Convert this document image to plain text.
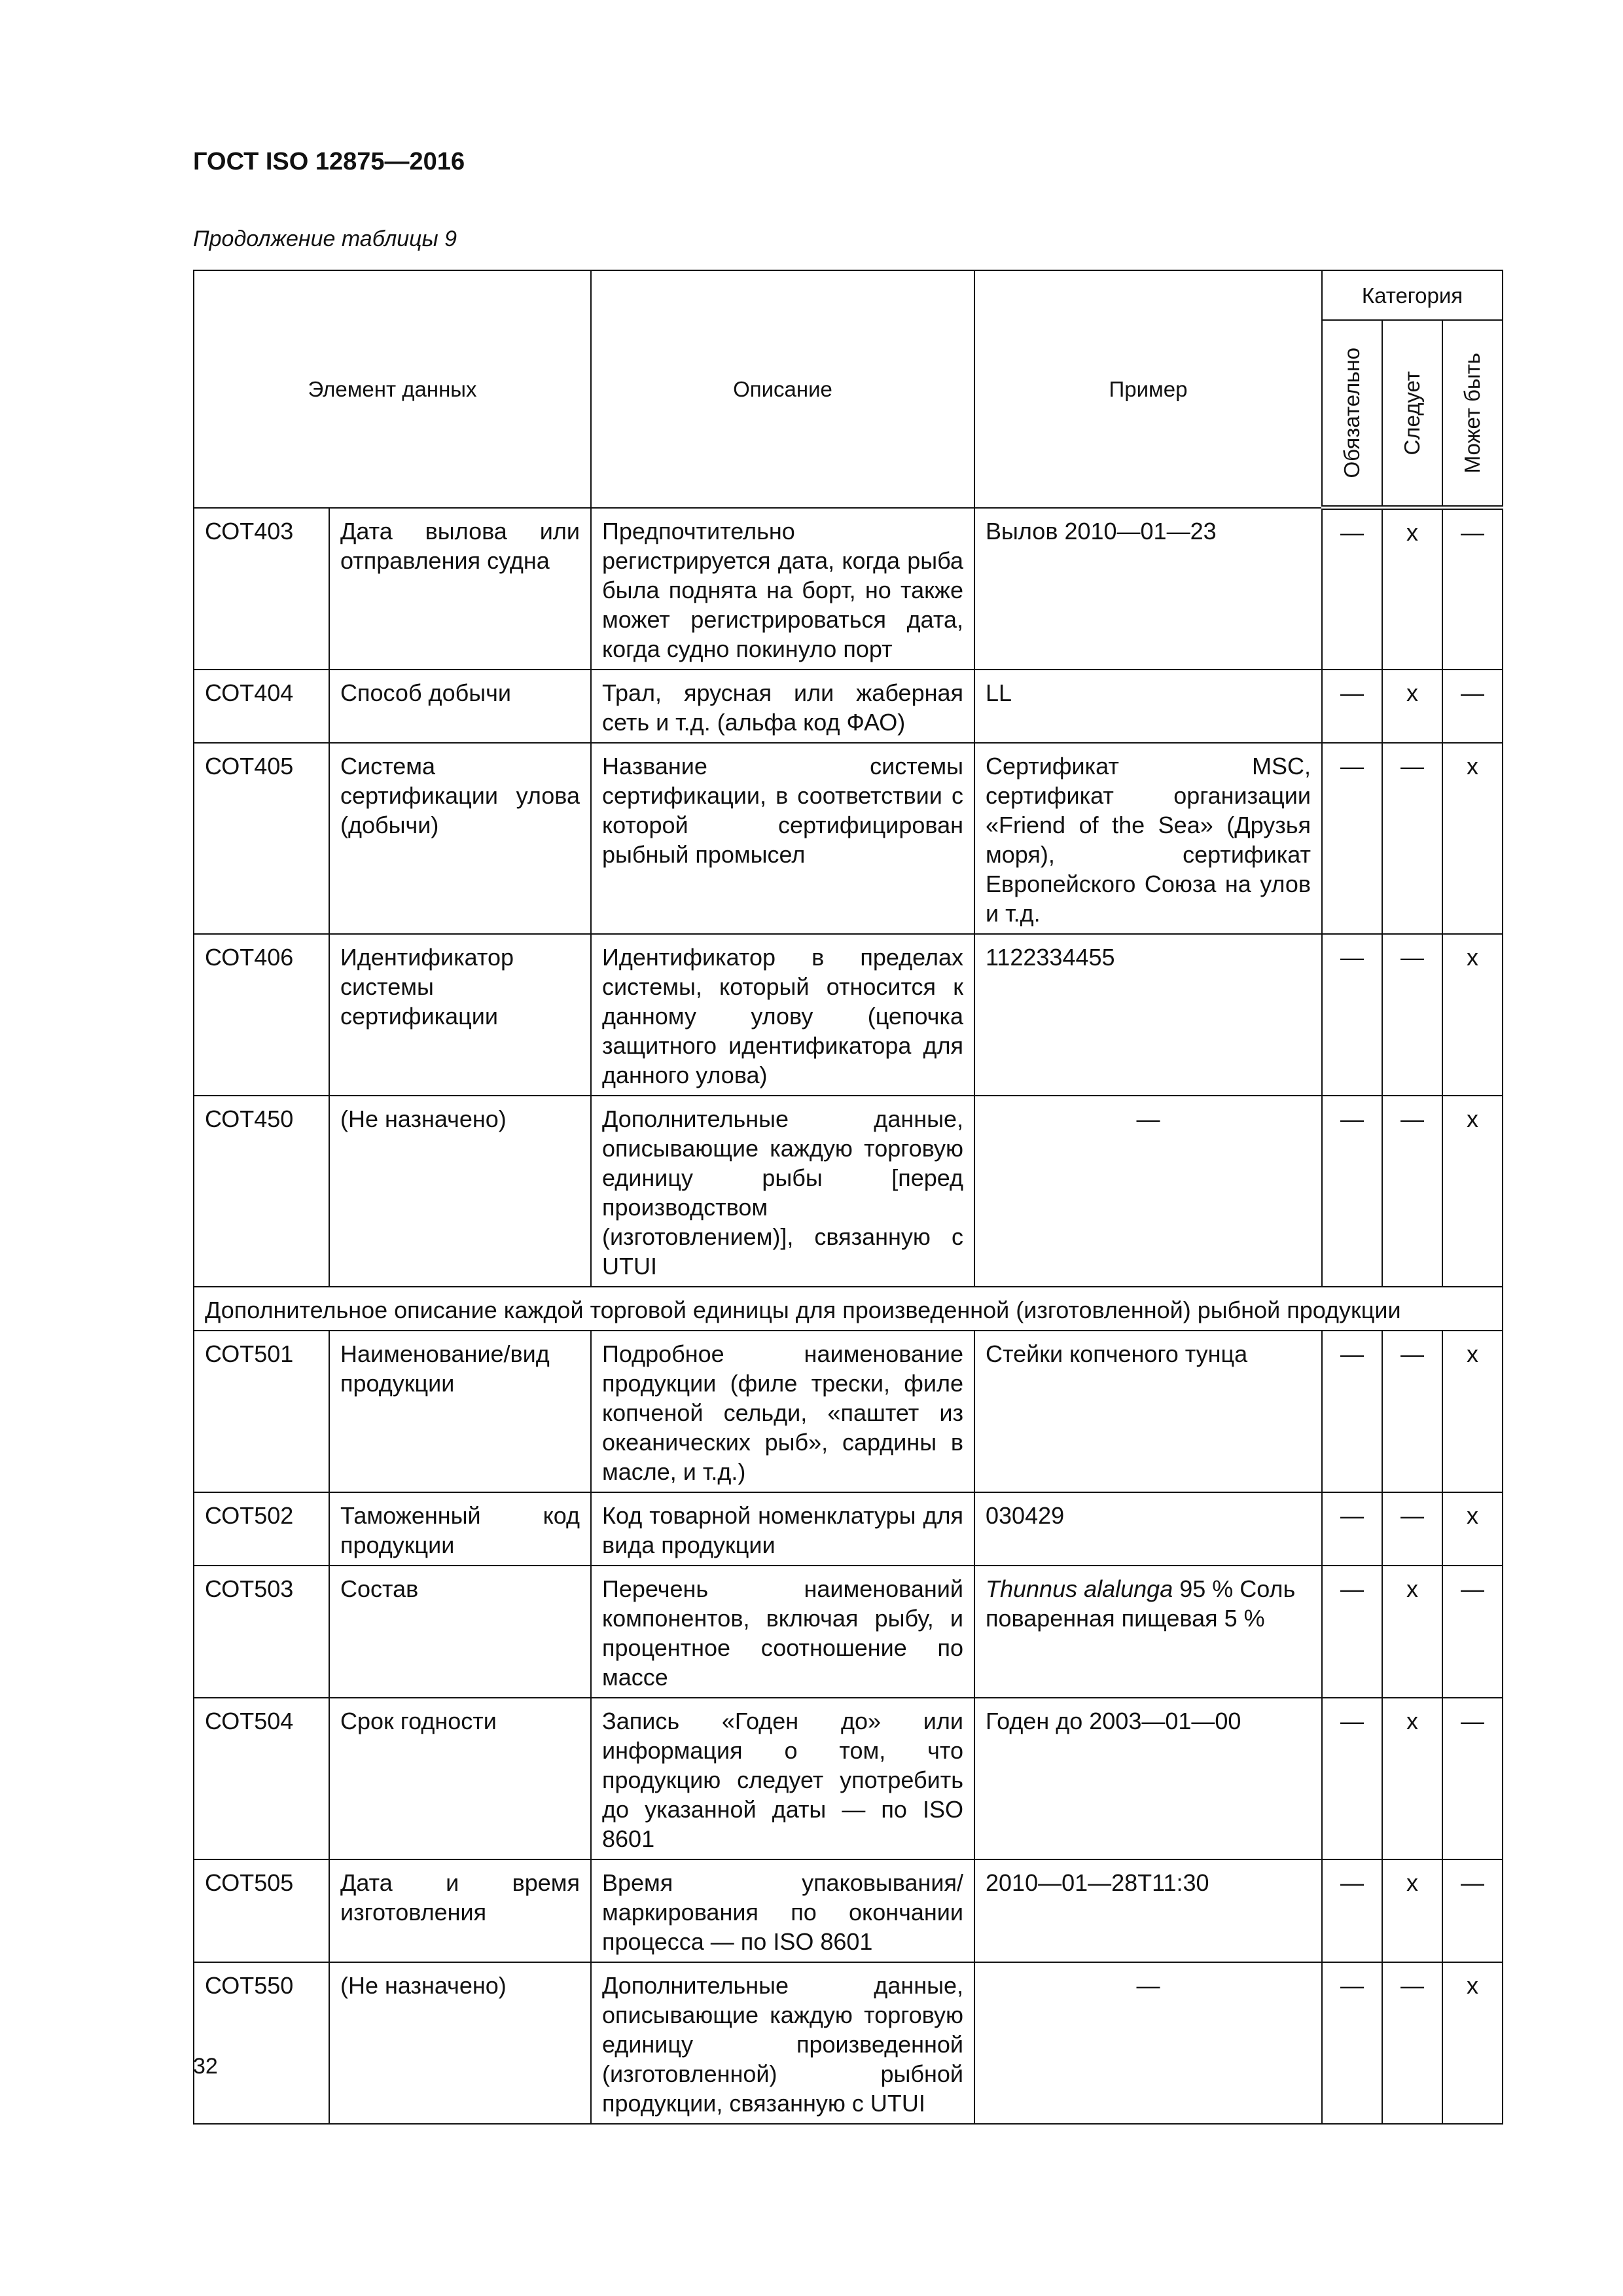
ГОСТ ISO 12875—2016
Продолжение таблицы 9
Элемент данных		Описание	Пример	Категория		

				Обязательно	Следует	Может быть

СОТ403	Дата вылова или отправления судна	Предпочтительно регистрируется дата, когда рыба была поднята на борт, но также может регистрироваться дата, когда судно покинуло порт	Вылов 2010—01—23	—	x	—
СОТ404	Способ добычи	Трал, ярусная или жаберная сеть и т.д. (альфа код ФАО)	LL	—	x	—
СОТ405	Система сертификации улова (добычи)	Название системы сертификации, в соответствии с которой сертифицирован рыбный промысел	Сертификат MSC, сертификат организации «Friend of the Sea» (Друзья моря), сертификат Европейского Союза на улов и т.д.	—	—	x
СОТ406	Идентификатор системы сертификации	Идентификатор в пределах системы, который относится к данному улову (цепочка защитного идентификатора для данного улова)	1122334455	—	—	x
СОТ450	(Не назначено)	Дополнительные данные, описывающие каждую торговую единицу рыбы [перед производством (изготовлением)], связанную с UTUI	—	—	—	x
Дополнительное описание каждой торговой единицы для произведенной (изготовленной) рыбной продукции						
СОТ501	Наименование/вид продукции	Подробное наименование продукции (филе трески, филе копченой сельди, «паштет из океанических рыб», сардины в масле, и т.д.)	Стейки копченого тунца	—	—	x
СОТ502	Таможенный код продукции	Код товарной номенклатуры для вида продукции	030429	—	—	x
СОТ503	Состав	Перечень наименований компонентов, включая рыбу, и процентное соотношение по массе	Thunnus alalunga 95 % Соль поваренная пищевая 5 %	—	x	—
СОТ504	Срок годности	Запись «Годен до» или информация о том, что продукцию следует употребить до указанной даты — по ISO 8601	Годен до 2003—01—00	—	x	—
СОТ505	Дата и время изготовления	Время упаковывания/маркирования по окончании процесса — по ISO 8601	2010—01—28T11:30	—	x	—
СОТ550	(Не назначено)	Дополнительные данные, описывающие каждую торговую единицу произведенной (изготовленной) рыбной продукции, связанную с UTUI	—	—	—	x
32
